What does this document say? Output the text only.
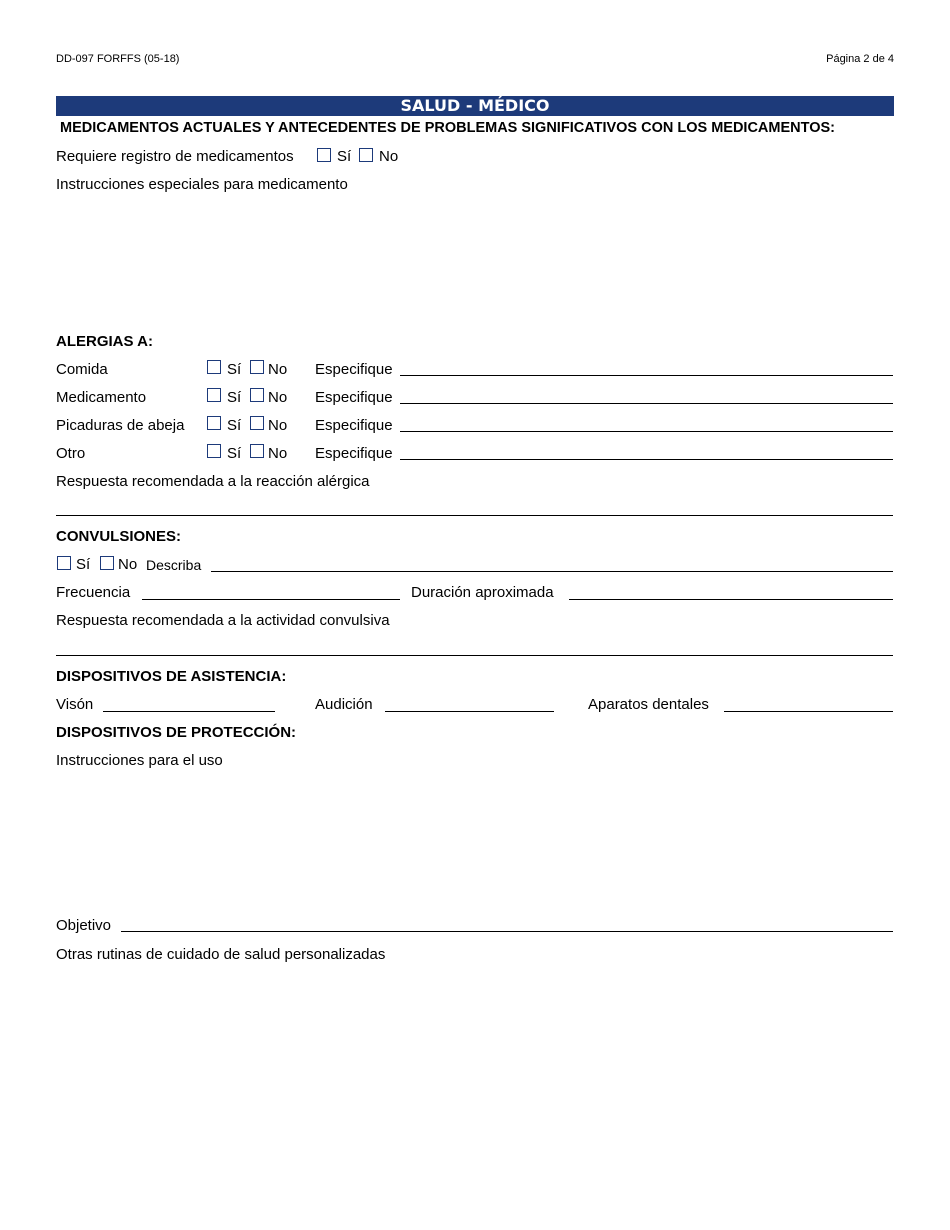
DD-097 FORFFS (05-18)	Página 2 de 4
SALUD - MÉDICO
MEDICAMENTOS ACTUALES Y ANTECEDENTES DE PROBLEMAS SIGNIFICATIVOS CON LOS MEDICAMENTOS:
Requiere registro de medicamentos	Sí No
Instrucciones especiales para medicamento
ALERGIAS A:
Comida	Sí No Especifique
Medicamento	Sí No Especifique
Picaduras de abeja	Sí No Especifique
Otro	Sí No Especifique
Respuesta recomendada a la reacción alérgica
CONVULSIONES:
Sí No Describa
Frecuencia	Duración aproximada
Respuesta recomendada a la actividad convulsiva
DISPOSITIVOS DE ASISTENCIA:
Visón	Audición	Aparatos dentales
DISPOSITIVOS DE PROTECCIÓN:
Instrucciones para el uso
Objetivo
Otras rutinas de cuidado de salud personalizadas
